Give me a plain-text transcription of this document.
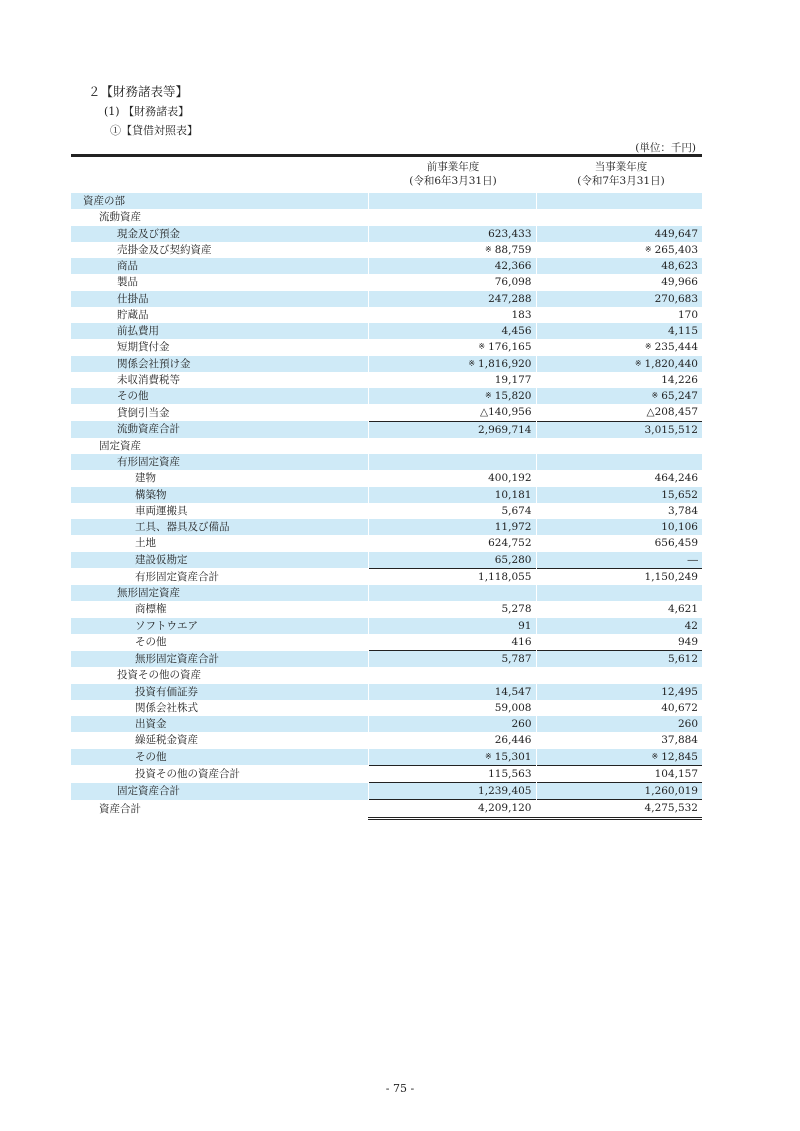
２【財務諸表等】
(1) 【財務諸表】
①【貸借対照表】
(単位：千円)
前事業年度
(令和6年3月31日)
当事業年度
(令和7年3月31日)
資産の部		
流動資産		
現金及び預金	623,433	449,647
売掛金及び契約資産	※ 88,759	※ 265,403
商品	42,366	48,623
製品	76,098	49,966
仕掛品	247,288	270,683
貯蔵品	183	170
前払費用	4,456	4,115
短期貸付金	※ 176,165	※ 235,444
関係会社預け金	※ 1,816,920	※ 1,820,440
未収消費税等	19,177	14,226
その他	※ 15,820	※ 65,247
貸倒引当金	△140,956	△208,457
流動資産合計	2,969,714	3,015,512
固定資産		
有形固定資産		
建物	400,192	464,246
構築物	10,181	15,652
車両運搬具	5,674	3,784
工具、器具及び備品	11,972	10,106
土地	624,752	656,459
建設仮勘定	65,280	―
有形固定資産合計	1,118,055	1,150,249
無形固定資産		
商標権	5,278	4,621
ソフトウエア	91	42
その他	416	949
無形固定資産合計	5,787	5,612
投資その他の資産		
投資有価証券	14,547	12,495
関係会社株式	59,008	40,672
出資金	260	260
繰延税金資産	26,446	37,884
その他	※ 15,301	※ 12,845
投資その他の資産合計	115,563	104,157
固定資産合計	1,239,405	1,260,019
資産合計	4,209,120	4,275,532
- 75 -
